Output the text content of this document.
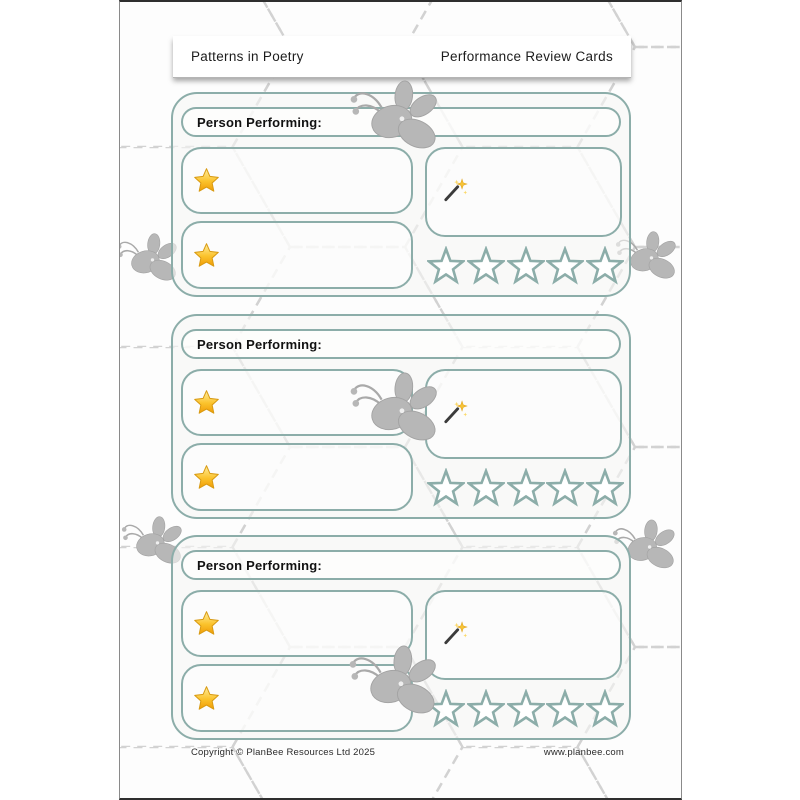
Patterns in Poetry	Performance Review Cards
Person Performing:
Person Performing:
Person Performing:
Copyright © PlanBee Resources Ltd 2025	www.planbee.com
